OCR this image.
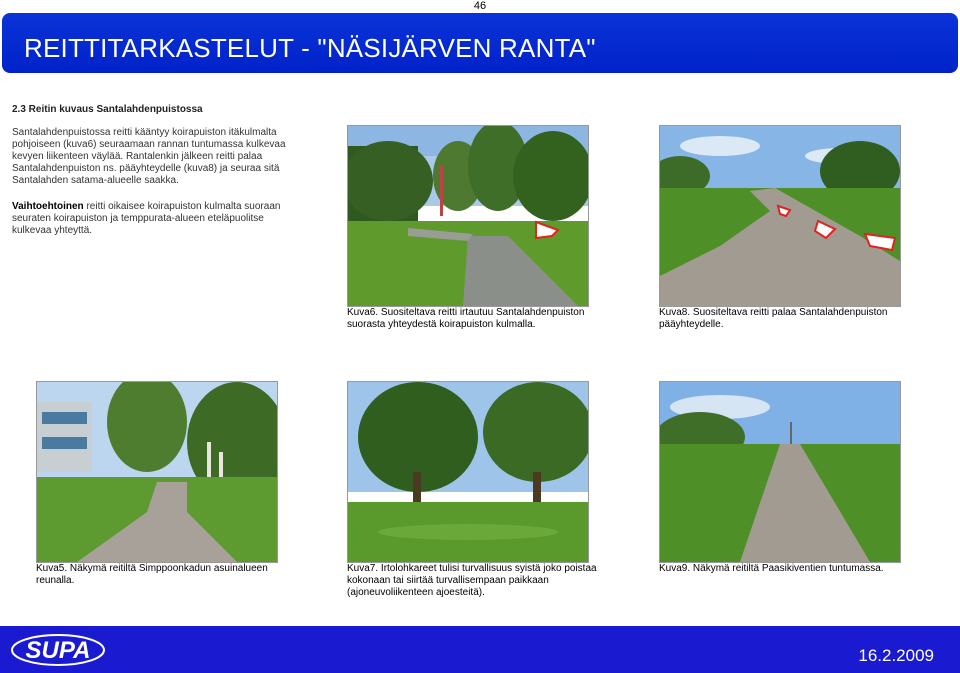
46
REITTITARKASTELUT - "NÄSIJÄRVEN RANTA"
2.3 Reitin kuvaus Santalahdenpuistossa
Santalahdenpuistossa reitti kääntyy koirapuiston itäkulmalta pohjoiseen (kuva6) seuraamaan rannan tuntumassa kulkevaa kevyen liikenteen väylää. Rantalenkin jälkeen reitti palaa Santalahdenpuiston ns. pääyhteydelle (kuva8) ja seuraa sitä Santalahden satama-alueelle saakka.
Vaihtoehtoinen reitti oikaisee koirapuiston kulmalta suoraan seuraten koirapuiston ja temppurata-alueen eteläpuolitse kulkevaa yhteyttä.
Kuva6. Suositeltava reitti irtautuu Santalahdenpuiston suorasta yhteydestä koirapuiston kulmalla.
Kuva8. Suositeltava reitti palaa Santalahdenpuiston pääyhteydelle.
Kuva5. Näkymä reitiltä Simppoonkadun asuinalueen reunalla.
Kuva7. Irtolohkareet tulisi turvallisuus syistä joko poistaa kokonaan tai siirtää turvallisempaan paikkaan (ajoneuvoliikenteen ajoesteitä).
Kuva9. Näkymä reitiltä Paasikiventien tuntumassa.
SUPA	16.2.2009
